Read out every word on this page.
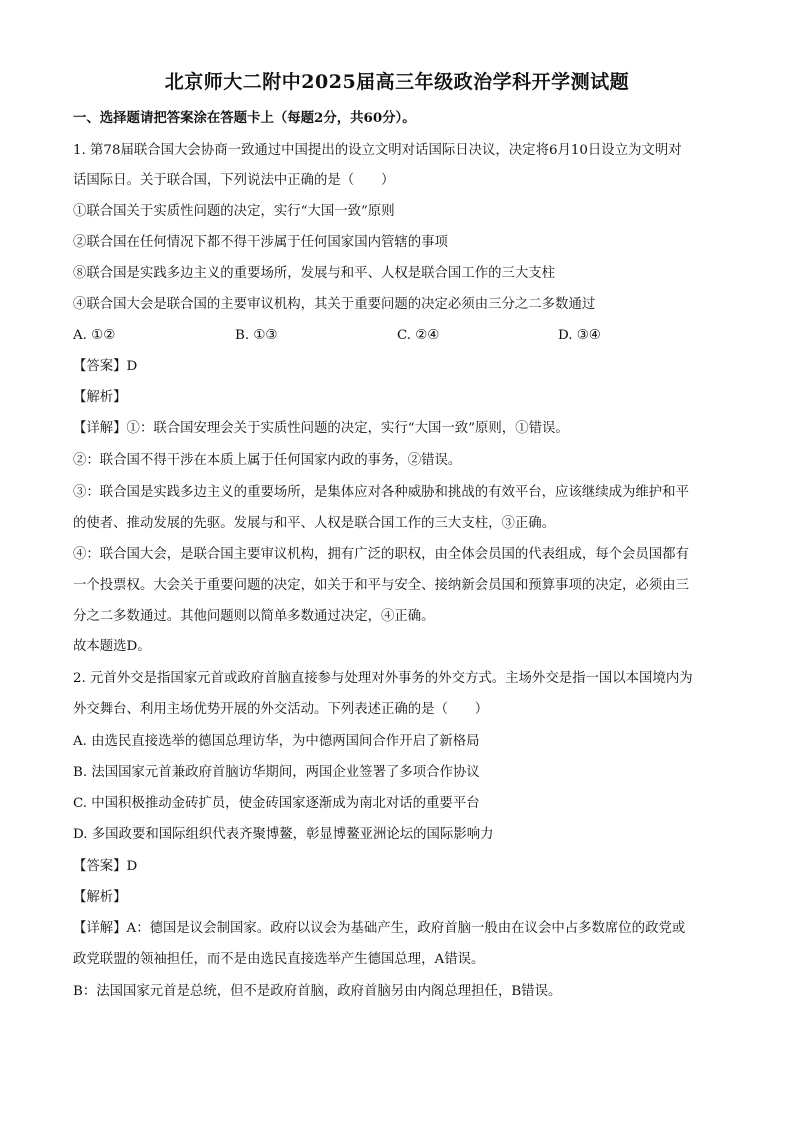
北京师大二附中2025届高三年级政治学科开学测试题
一、选择题请把答案涂在答题卡上（每题2分，共60分）。
1. 第78届联合国大会协商一致通过中国提出的设立文明对话国际日决议，决定将6月10日设立为文明对
话国际日。关于联合国，下列说法中正确的是（　　）
①联合国关于实质性问题的决定，实行“大国一致”原则
②联合国在任何情况下都不得干涉属于任何国家国内管辖的事项
⑧联合国是实践多边主义的重要场所，发展与和平、人权是联合国工作的三大支柱
④联合国大会是联合国的主要审议机构，其关于重要问题的决定必须由三分之二多数通过
A. ①②	B. ①③	C. ②④	D. ③④
【答案】D
【解析】
【详解】①：联合国安理会关于实质性问题的决定，实行“大国一致”原则，①错误。
②：联合国不得干涉在本质上属于任何国家内政的事务，②错误。
③：联合国是实践多边主义的重要场所，是集体应对各种威胁和挑战的有效平台，应该继续成为维护和平
的使者、推动发展的先驱。发展与和平、人权是联合国工作的三大支柱，③正确。
④：联合国大会，是联合国主要审议机构，拥有广泛的职权，由全体会员国的代表组成，每个会员国都有
一个投票权。大会关于重要问题的决定，如关于和平与安全、接纳新会员国和预算事项的决定，必须由三
分之二多数通过。其他问题则以简单多数通过决定，④正确。
故本题选D。
2. 元首外交是指国家元首或政府首脑直接参与处理对外事务的外交方式。主场外交是指一国以本国境内为
外交舞台、利用主场优势开展的外交活动。下列表述正确的是（　　）
A. 由选民直接选举的德国总理访华，为中德两国间合作开启了新格局
B. 法国国家元首兼政府首脑访华期间，两国企业签署了多项合作协议
C. 中国积极推动金砖扩员，使金砖国家逐渐成为南北对话的重要平台
D. 多国政要和国际组织代表齐聚博鳌，彰显博鳌亚洲论坛的国际影响力
【答案】D
【解析】
【详解】A：德国是议会制国家。政府以议会为基础产生，政府首脑一般由在议会中占多数席位的政党或
政党联盟的领袖担任，而不是由选民直接选举产生德国总理，A错误。
B：法国国家元首是总统，但不是政府首脑，政府首脑另由内阁总理担任，B错误。
